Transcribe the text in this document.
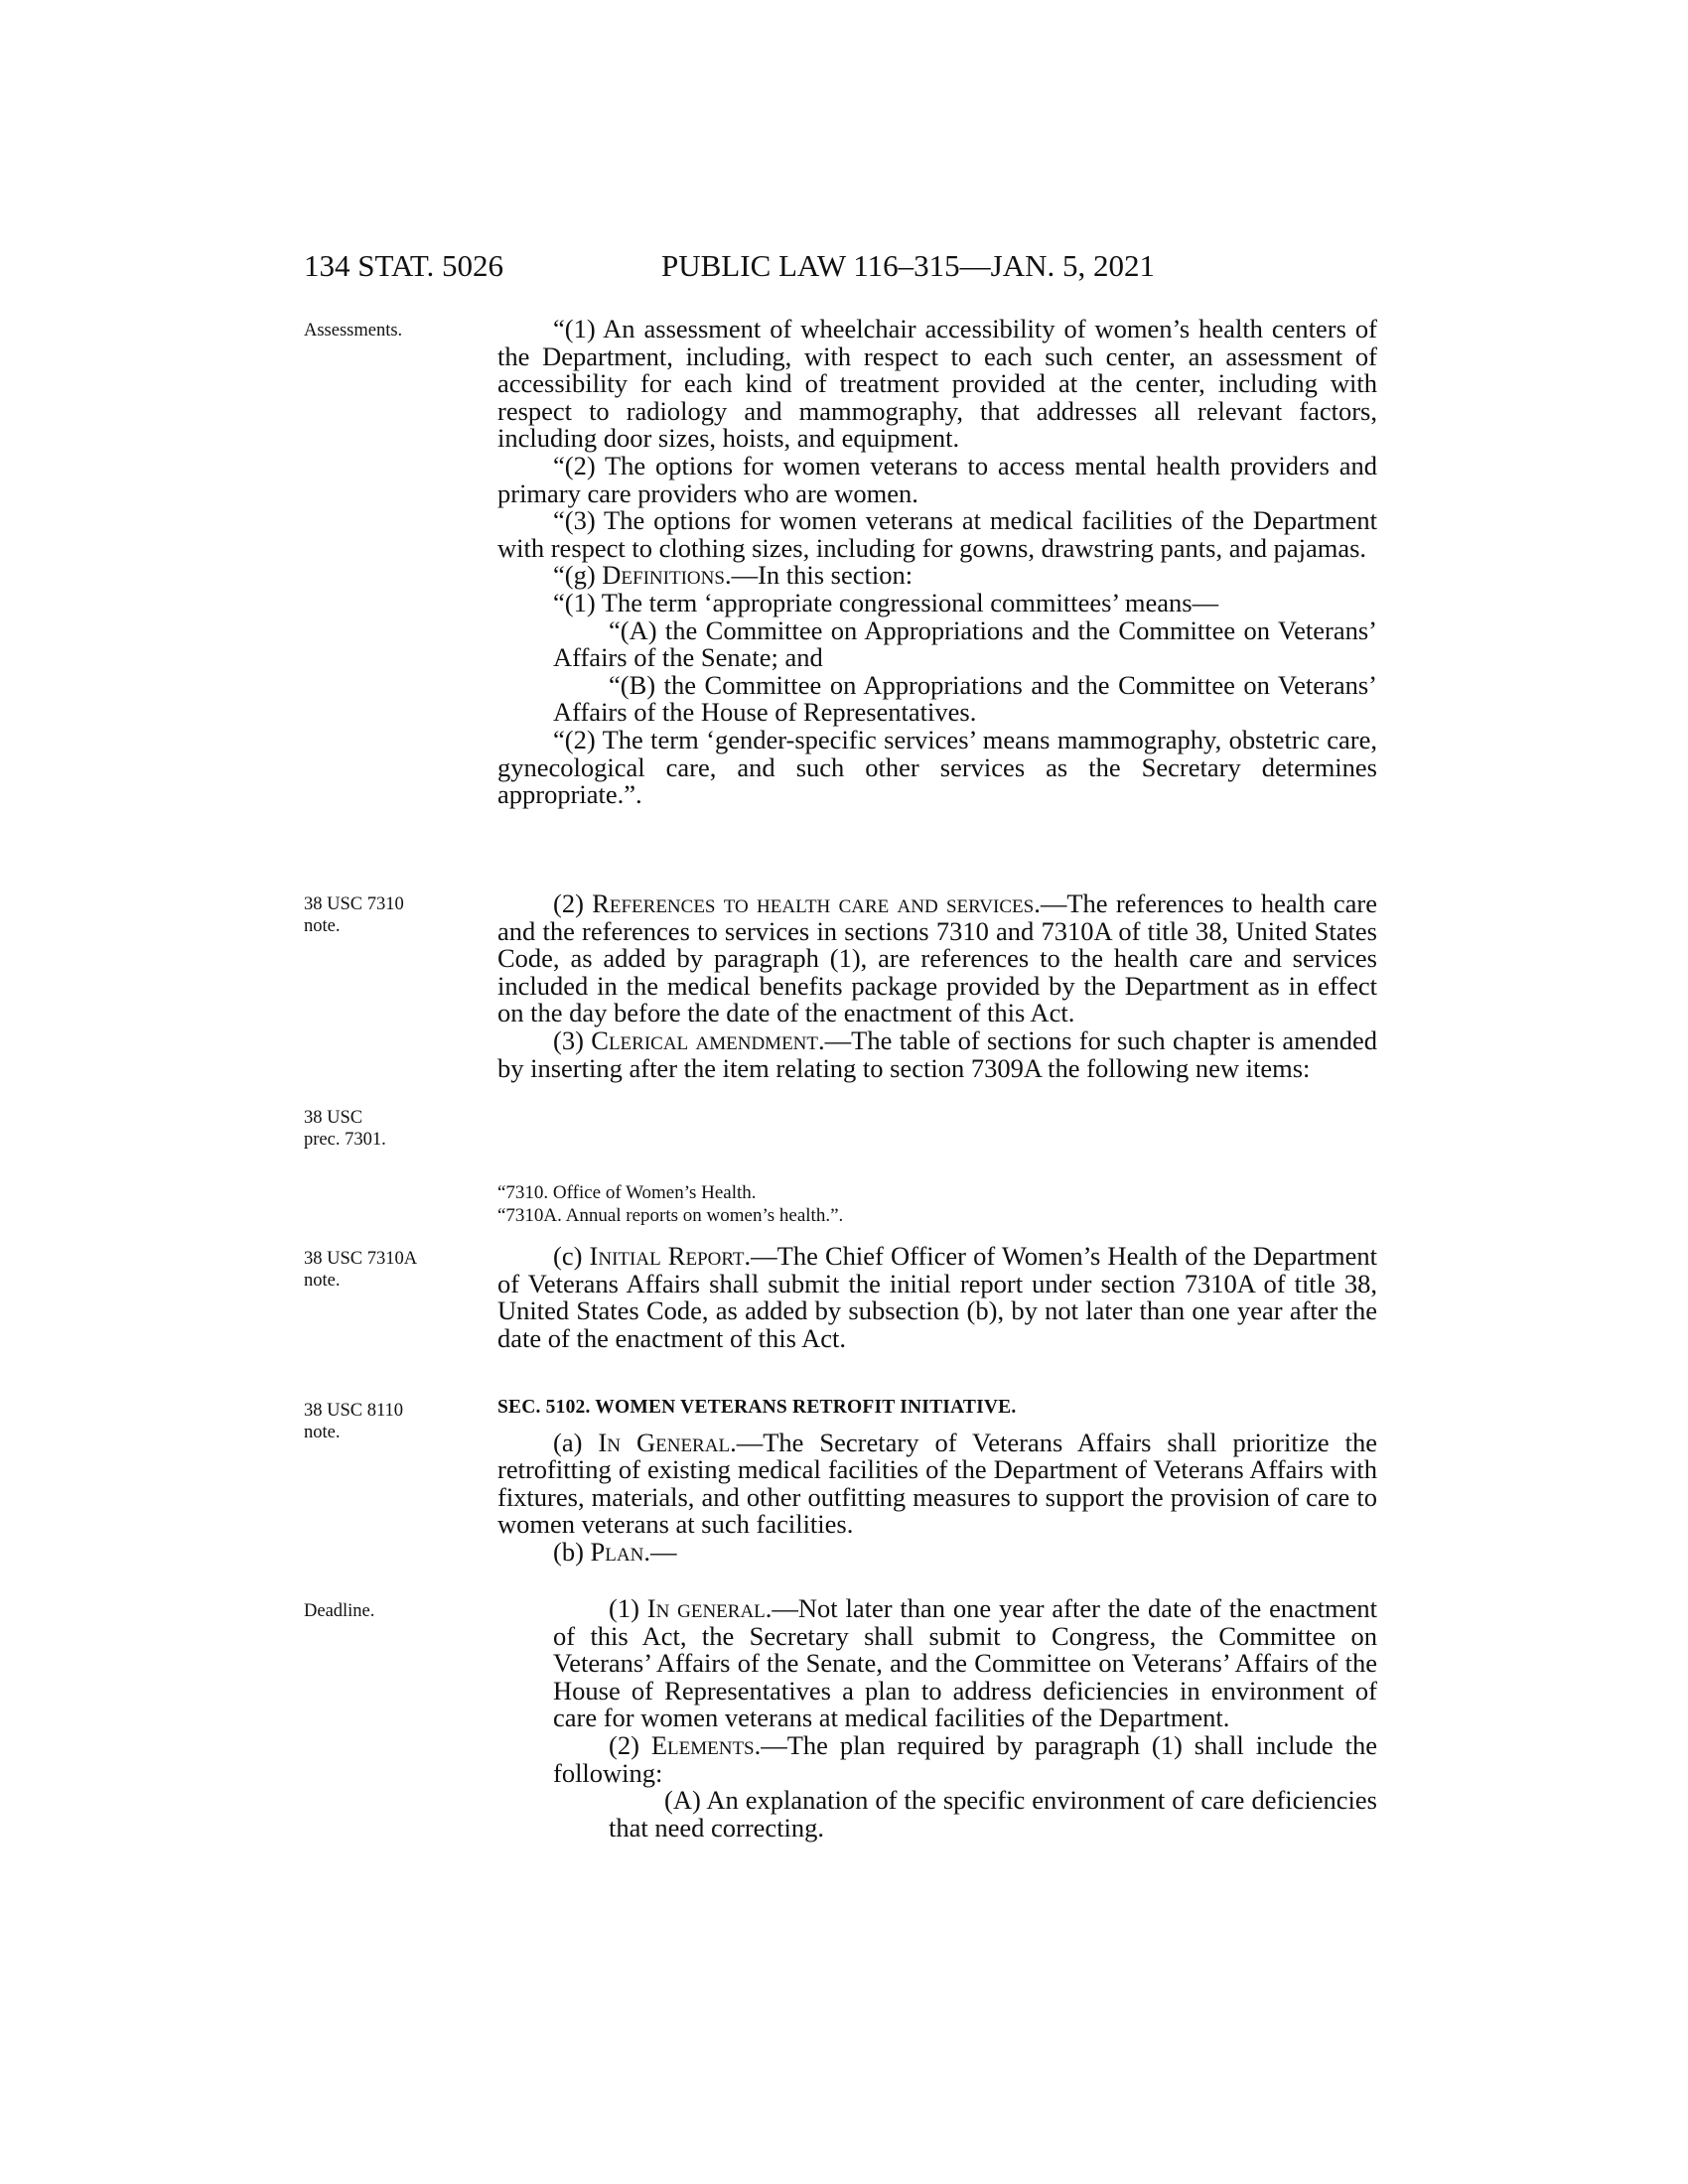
134 STAT. 5026	PUBLIC LAW 116–315—JAN. 5, 2021
Assessments.
38 USC 7310
note.
38 USC
prec. 7301.
38 USC 7310A
note.
38 USC 8110
note.
Deadline.

“(1) An assessment of wheelchair accessibility of women’s health centers of the Department, including, with respect to each such center, an assessment of accessibility for each kind of treatment provided at the center, including with respect to radiology and mammography, that addresses all relevant factors, including door sizes, hoists, and equipment.

“(2) The options for women veterans to access mental health providers and primary care providers who are women.

“(3) The options for women veterans at medical facilities of the Department with respect to clothing sizes, including for gowns, drawstring pants, and pajamas.

“(g) Definitions.—In this section:

“(1) The term ‘appropriate congressional committees’ means—

“(A) the Committee on Appropriations and the Committee on Veterans’ Affairs of the Senate; and

“(B) the Committee on Appropriations and the Committee on Veterans’ Affairs of the House of Representatives.

“(2) The term ‘gender-specific services’ means mammography, obstetric care, gynecological care, and such other services as the Secretary determines appropriate.”.

(2) References to health care and services.—The references to health care and the references to services in sections 7310 and 7310A of title 38, United States Code, as added by paragraph (1), are references to the health care and services included in the medical benefits package provided by the Department as in effect on the day before the date of the enactment of this Act.

(3) Clerical amendment.—The table of sections for such chapter is amended by inserting after the item relating to section 7309A the following new items:

“7310. Office of Women’s Health.
“7310A. Annual reports on women’s health.”.

(c) Initial Report.—The Chief Officer of Women’s Health of the Department of Veterans Affairs shall submit the initial report under section 7310A of title 38, United States Code, as added by subsection (b), by not later than one year after the date of the enactment of this Act.

SEC. 5102. WOMEN VETERANS RETROFIT INITIATIVE.

(a) In General.—The Secretary of Veterans Affairs shall prioritize the retrofitting of existing medical facilities of the Department of Veterans Affairs with fixtures, materials, and other outfitting measures to support the provision of care to women veterans at such facilities.

(b) Plan.—

(1) In general.—Not later than one year after the date of the enactment of this Act, the Secretary shall submit to Congress, the Committee on Veterans’ Affairs of the Senate, and the Committee on Veterans’ Affairs of the House of Representatives a plan to address deficiencies in environment of care for women veterans at medical facilities of the Department.

(2) Elements.—The plan required by paragraph (1) shall include the following:

(A) An explanation of the specific environment of care deficiencies that need correcting.
